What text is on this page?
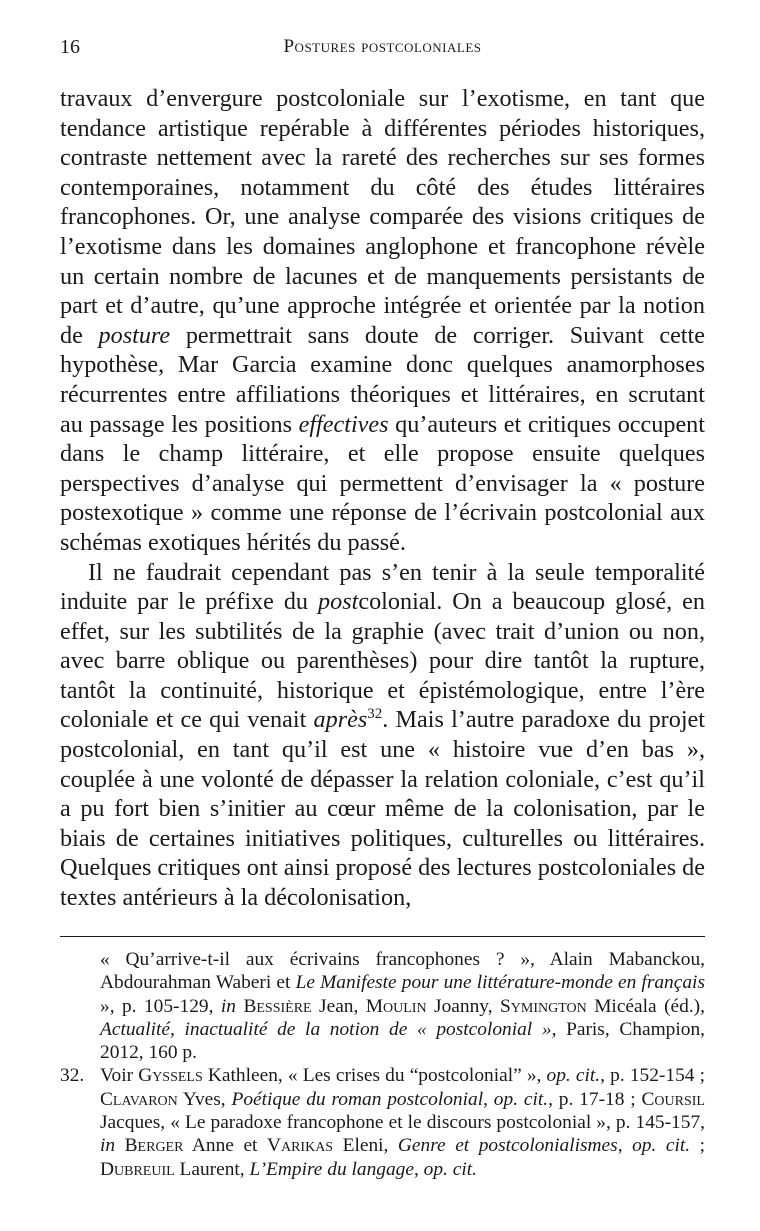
16	Postures postcoloniales

travaux d’envergure postcoloniale sur l’exotisme, en tant que tendance artistique repérable à différentes périodes historiques, contraste nettement avec la rareté des recherches sur ses formes contemporaines, notamment du côté des études littéraires francophones. Or, une analyse comparée des visions critiques de l’exotisme dans les domaines anglophone et francophone révèle un certain nombre de lacunes et de manquements persistants de part et d’autre, qu’une approche intégrée et orientée par la notion de posture permettrait sans doute de corriger. Suivant cette hypothèse, Mar Garcia examine donc quelques anamorphoses récurrentes entre affiliations théoriques et littéraires, en scrutant au passage les positions effectives qu’auteurs et critiques occupent dans le champ littéraire, et elle propose ensuite quelques perspectives d’analyse qui permettent d’envisager la « posture postexotique » comme une réponse de l’écrivain postcolonial aux schémas exotiques hérités du passé.

Il ne faudrait cependant pas s’en tenir à la seule temporalité induite par le préfixe du postcolonial. On a beaucoup glosé, en effet, sur les subtilités de la graphie (avec trait d’union ou non, avec barre oblique ou parenthèses) pour dire tantôt la rupture, tantôt la continuité, historique et épistémologique, entre l’ère coloniale et ce qui venait après$^{32}$. Mais l’autre paradoxe du projet postcolonial, en tant qu’il est une « histoire vue d’en bas », couplée à une volonté de dépasser la relation coloniale, c’est qu’il a pu fort bien s’initier au cœur même de la colonisation, par le biais de certaines initiatives politiques, culturelles ou littéraires. Quelques critiques ont ainsi proposé des lectures postcoloniales de textes antérieurs à la décolonisation,

« Qu’arrive-t-il aux écrivains francophones ? », Alain Mabanckou, Abdourahman Waberi et Le Manifeste pour une littérature-monde en français », p. 105-129, in Bessière Jean, Moulin Joanny, Symington Micéala (éd.), Actualité, inactualité de la notion de « postcolonial », Paris, Champion, 2012, 160 p.

32. Voir Gyssels Kathleen, « Les crises du “postcolonial” », op. cit., p. 152-154 ; Clavaron Yves, Poétique du roman postcolonial, op. cit., p. 17-18 ; Coursil Jacques, « Le paradoxe francophone et le discours postcolonial », p. 145-157, in Berger Anne et Varikas Eleni, Genre et postcolonialismes, op. cit. ; Dubreuil Laurent, L’Empire du langage, op. cit.
